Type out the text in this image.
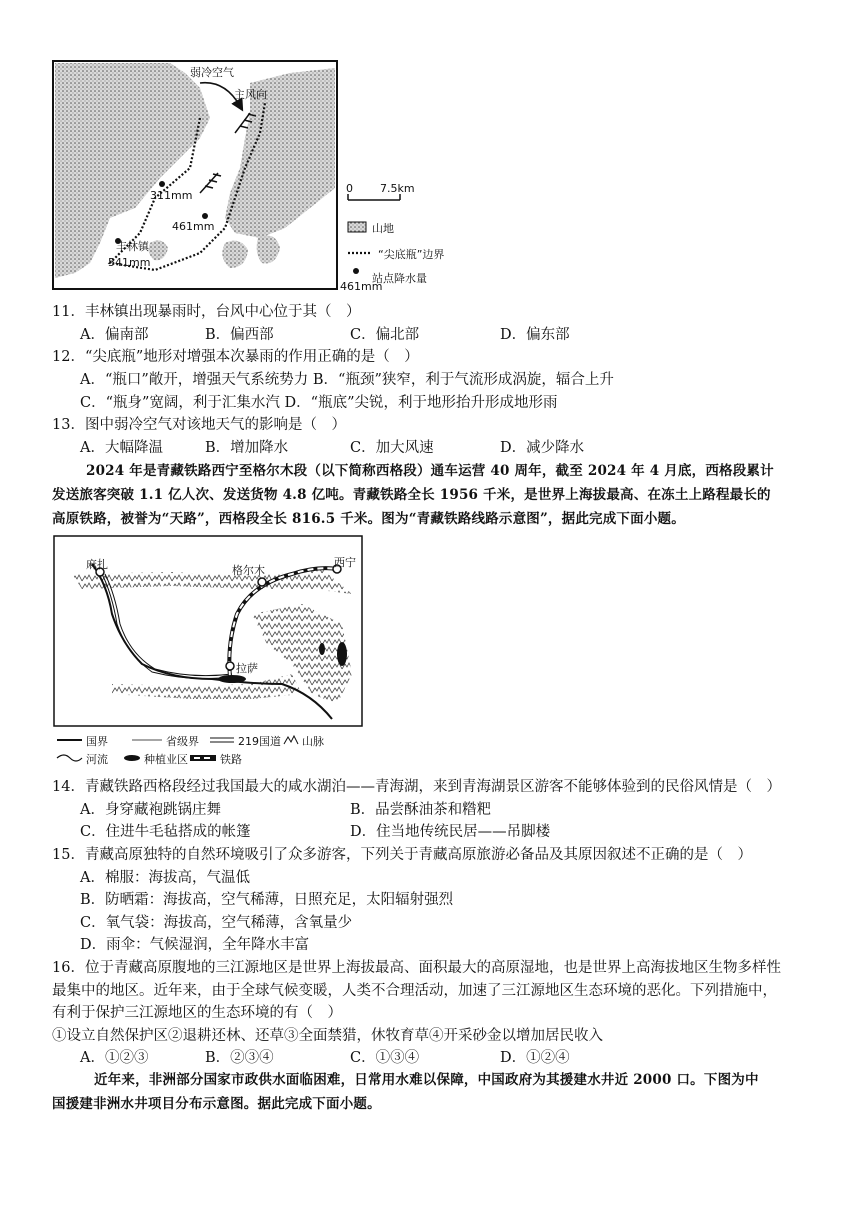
弱冷空气
主风向
311mm
461mm
丰林镇
541mm
0 7.5km
山地
“尖底瓶”边界
461mm
站点降水量
11．丰林镇出现暴雨时，台风中心位于其（　）
A．偏南部	B．偏西部	C．偏北部	D．偏东部
12．“尖底瓶”地形对增强本次暴雨的作用正确的是（　）
A．“瓶口”敞开，增强天气系统势力 B．“瓶颈”狭窄，利于气流形成涡旋，辐合上升
C．“瓶身”宽阔，利于汇集水汽 D．“瓶底”尖锐，利于地形抬升形成地形雨
13．图中弱冷空气对该地天气的影响是（　）
A．大幅降温	B．增加降水	C．加大风速	D．减少降水
2024 年是青藏铁路西宁至格尔木段（以下简称西格段）通车运营 40 周年，截至 2024 年 4 月底，西格段累计
发送旅客突破 1.1 亿人次、发送货物 4.8 亿吨。青藏铁路全长 1956 千米，是世界上海拔最高、在冻土上路程最长的
高原铁路，被誉为“天路”，西格段全长 816.5 千米。图为“青藏铁路线路示意图”，据此完成下面小题。
麻扎	格尔木
西宁
拉萨
国界	省级界	219国道 山脉
河流	种植业区	铁路
14．青藏铁路西格段经过我国最大的咸水湖泊——青海湖，来到青海湖景区游客不能够体验到的民俗风情是（　）
A．身穿藏袍跳锅庄舞	B．品尝酥油茶和糌粑
C．住进牛毛毡搭成的帐篷	D．住当地传统民居——吊脚楼
15．青藏高原独特的自然环境吸引了众多游客，下列关于青藏高原旅游必备品及其原因叙述不正确的是（　）
A．棉服：海拔高，气温低
B．防晒霜：海拔高，空气稀薄，日照充足，太阳辐射强烈
C．氧气袋：海拔高，空气稀薄，含氧量少
D．雨伞：气候湿润，全年降水丰富
16．位于青藏高原腹地的三江源地区是世界上海拔最高、面积最大的高原湿地，也是世界上高海拔地区生物多样性
最集中的地区。近年来，由于全球气候变暖，人类不合理活动，加速了三江源地区生态环境的恶化。下列措施中，
有利于保护三江源地区的生态环境的有（　）
①设立自然保护区②退耕还林、还草③全面禁猎，休牧育草④开采砂金以增加居民收入
A．①②③	B．②③④	C．①③④	D．①②④
近年来，非洲部分国家市政供水面临困难，日常用水难以保障，中国政府为其援建水井近 2000 口。下图为中
国援建非洲水井项目分布示意图。据此完成下面小题。
